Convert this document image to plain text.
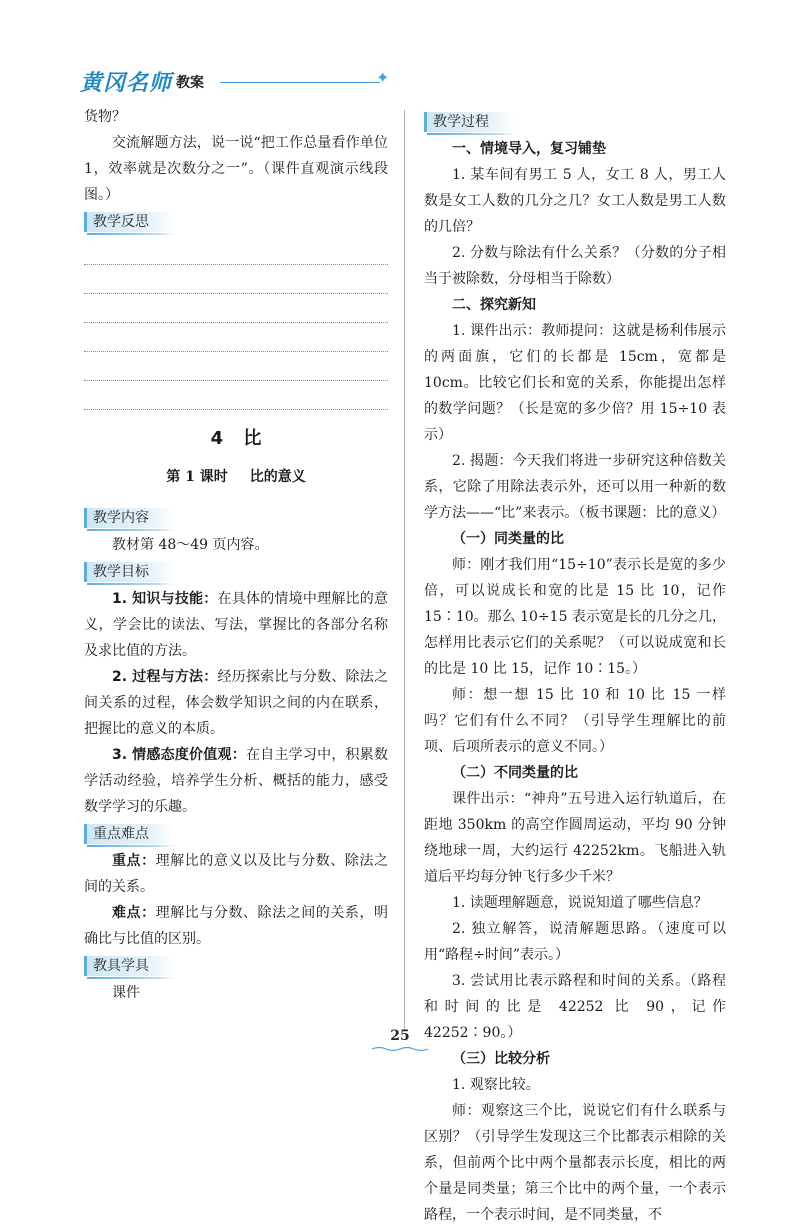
黄冈名师 教案	✦

货物？

交流解题方法，说一说“把工作总量看作单位 1，效率就是次数分之一”。（课件直观演示线段图。）

教学反思
4 比
第 1 课时 比的意义
教学内容

教材第 48～49 页内容。

教学目标

1. 知识与技能：在具体的情境中理解比的意义，学会比的读法、写法，掌握比的各部分名称及求比值的方法。

2. 过程与方法：经历探索比与分数、除法之间关系的过程，体会数学知识之间的内在联系，把握比的意义的本质。

3. 情感态度价值观：在自主学习中，积累数学活动经验，培养学生分析、概括的能力，感受数学学习的乐趣。

重点难点

重点：理解比的意义以及比与分数、除法之间的关系。

难点：理解比与分数、除法之间的关系，明确比与比值的区别。

教具学具

课件

教学过程

一、情境导入，复习铺垫

1. 某车间有男工 5 人，女工 8 人，男工人数是女工人数的几分之几？女工人数是男工人数的几倍？

2. 分数与除法有什么关系？（分数的分子相当于被除数，分母相当于除数）

二、探究新知

1. 课件出示：教师提问：这就是杨利伟展示的两面旗，它们的长都是 15cm，宽都是 10cm。比较它们长和宽的关系，你能提出怎样的数学问题？（长是宽的多少倍？用 15÷10 表示）

2. 揭题：今天我们将进一步研究这种倍数关系，它除了用除法表示外，还可以用一种新的数学方法——“比”来表示。（板书课题：比的意义）

（一）同类量的比

师：刚才我们用“15÷10”表示长是宽的多少倍，可以说成长和宽的比是 15 比 10，记作 15∶10。那么 10÷15 表示宽是长的几分之几，怎样用比表示它们的关系呢？（可以说成宽和长的比是 10 比 15，记作 10∶15。）

师：想一想 15 比 10 和 10 比 15 一样吗？它们有什么不同？（引导学生理解比的前项、后项所表示的意义不同。）

（二）不同类量的比

课件出示：“神舟”五号进入运行轨道后，在距地 350km 的高空作圆周运动，平均 90 分钟绕地球一周，大约运行 42252km。飞船进入轨道后平均每分钟飞行多少千米？

1. 读题理解题意，说说知道了哪些信息？

2. 独立解答，说清解题思路。（速度可以用“路程÷时间”表示。）

3. 尝试用比表示路程和时间的关系。（路程和时间的比是 42252 比 90，记作 42252∶90。）

（三）比较分析

1. 观察比较。

师：观察这三个比，说说它们有什么联系与区别？（引导学生发现这三个比都表示相除的关系，但前两个比中两个量都表示长度，相比的两个量是同类量；第三个比中的两个量，一个表示路程，一个表示时间，是不同类量，不

25
